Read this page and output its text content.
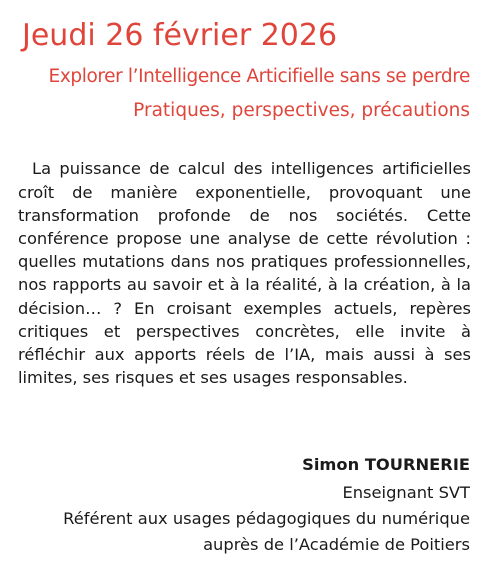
Jeudi 26 février 2026
Explorer l’Intelligence Articifielle sans se perdre
Pratiques, perspectives, précautions

La puissance de calcul des intelligences artificielles croît de manière exponentielle, provoquant une transformation profonde de nos sociétés. Cette conférence propose une analyse de cette révolution : quelles mutations dans nos pratiques professionnelles, nos rapports au savoir et à la réalité, à la création, à la décision… ? En croisant exemples actuels, repères critiques et perspectives concrètes, elle invite à réfléchir aux apports réels de l’IA, mais aussi à ses limites, ses risques et ses usages responsables.

Simon TOURNERIE
Enseignant SVT
Référent aux usages pédagogiques du numérique
auprès de l’Académie de Poitiers
